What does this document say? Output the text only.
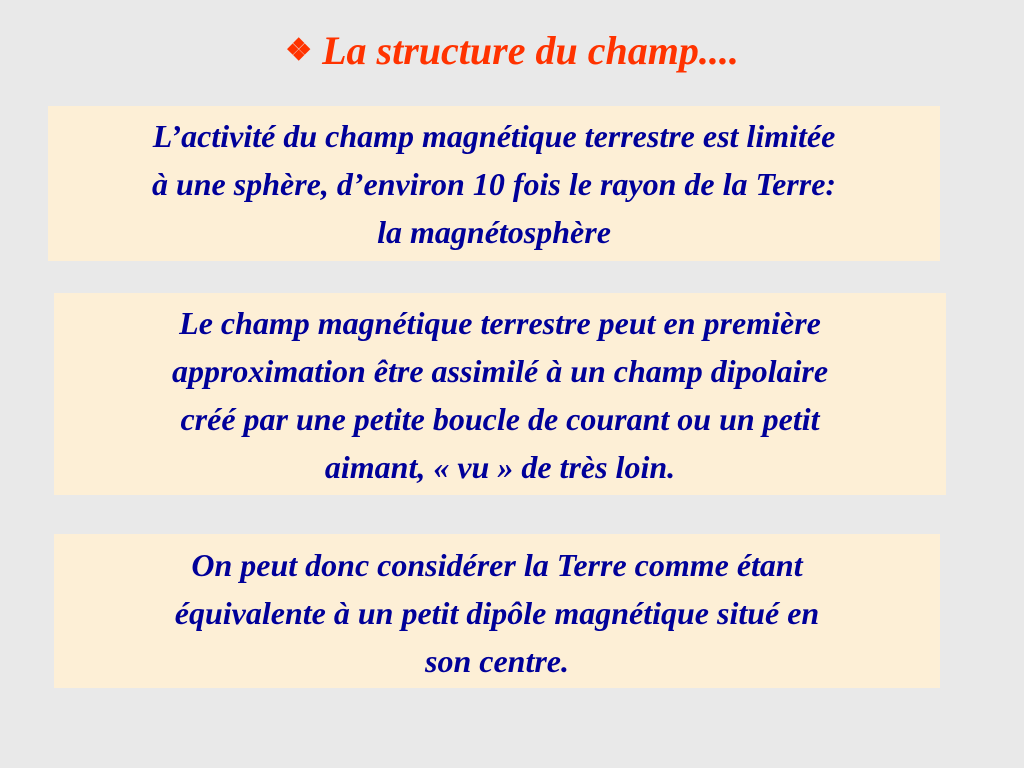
❖ La structure du champ....
L’activité du champ magnétique terrestre est limitée
à une sphère, d’environ 10 fois le rayon de la Terre:
la magnétosphère
Le champ magnétique terrestre peut en première
approximation être assimilé à un champ dipolaire
créé par une petite boucle de courant ou un petit
aimant, « vu » de très loin.
On peut donc considérer la Terre comme étant
équivalente à un petit dipôle magnétique situé en
son centre.
